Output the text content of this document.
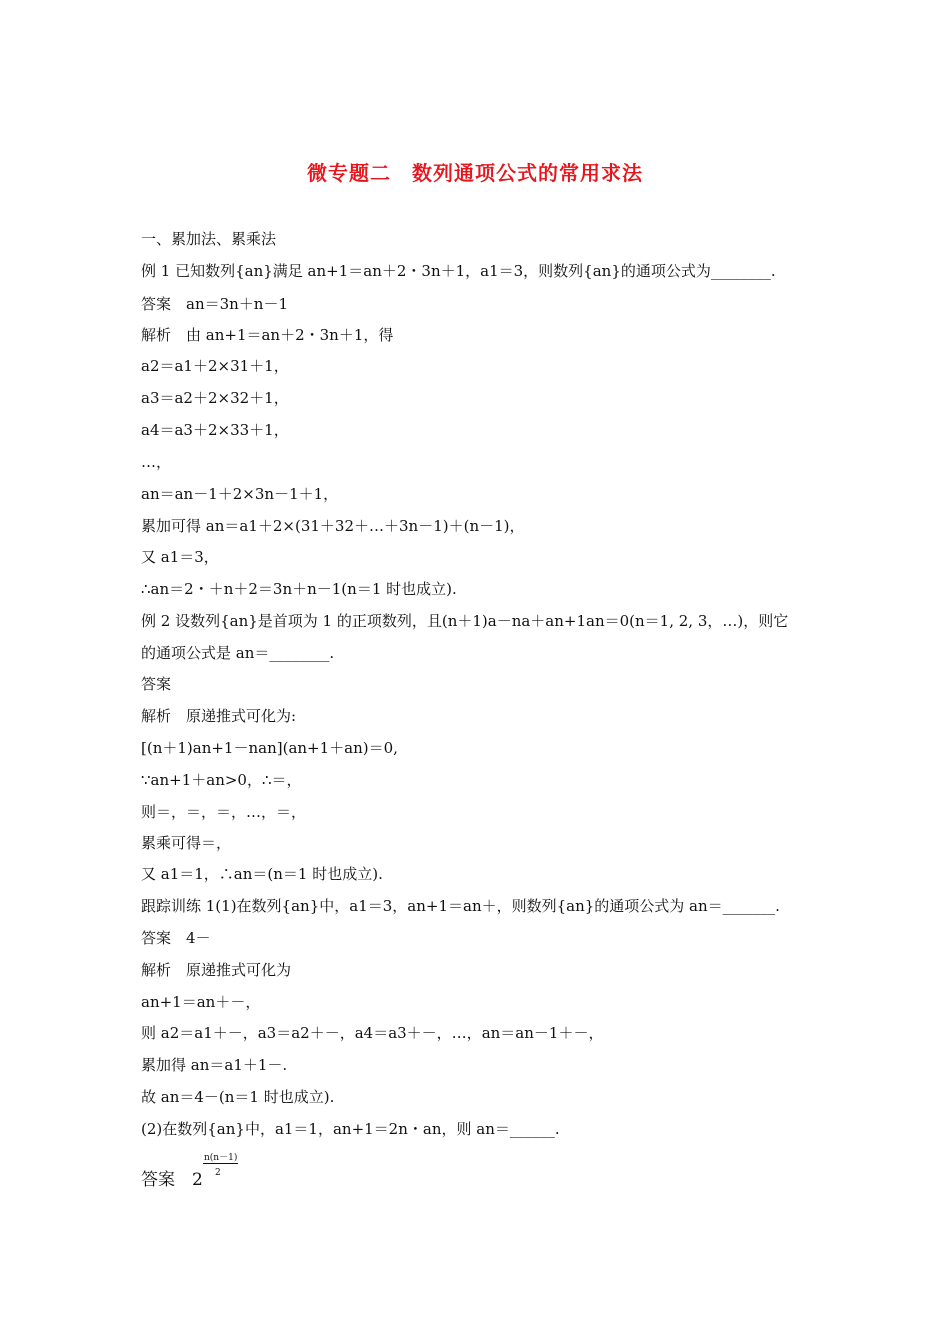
微专题二　数列通项公式的常用求法
一、累加法、累乘法
例 1 已知数列{an}满足 an+1＝an＋2・3n＋1，a1＝3，则数列{an}的通项公式为________.
答案　an＝3n＋n－1
解析　由 an+1＝an＋2・3n＋1，得
a2＝a1＋2×31＋1，
a3＝a2＋2×32＋1，
a4＝a3＋2×33＋1，
…，
an＝an－1＋2×3n－1＋1，
累加可得 an＝a1＋2×(31＋32＋…＋3n－1)＋(n－1)，
又 a1＝3，
∴an＝2・＋n＋2＝3n＋n－1(n＝1 时也成立).
例 2 设数列{an}是首项为 1 的正项数列，且(n＋1)a－na＋an+1an＝0(n＝1, 2, 3，…)，则它
的通项公式是 an＝________.
答案
解析　原递推式可化为:
[(n＋1)an+1－nan](an+1＋an)＝0,
∵an+1＋an>0，∴＝，
则＝，＝，＝，…，＝，
累乘可得＝，
又 a1＝1，∴an＝(n＝1 时也成立).
跟踪训练 1(1)在数列{an}中，a1＝3，an+1＝an＋，则数列{an}的通项公式为 an＝_______.
答案　4－
解析　原递推式可化为
an+1＝an＋－，
则 a2＝a1＋－，a3＝a2＋－，a4＝a3＋－，…，an＝an－1＋－，
累加得 an＝a1＋1－.
故 an＝4－(n＝1 时也成立).
(2)在数列{an}中，a1＝1，an+1＝2n・an，则 an＝______.
答案　2
n(n－1)
2
